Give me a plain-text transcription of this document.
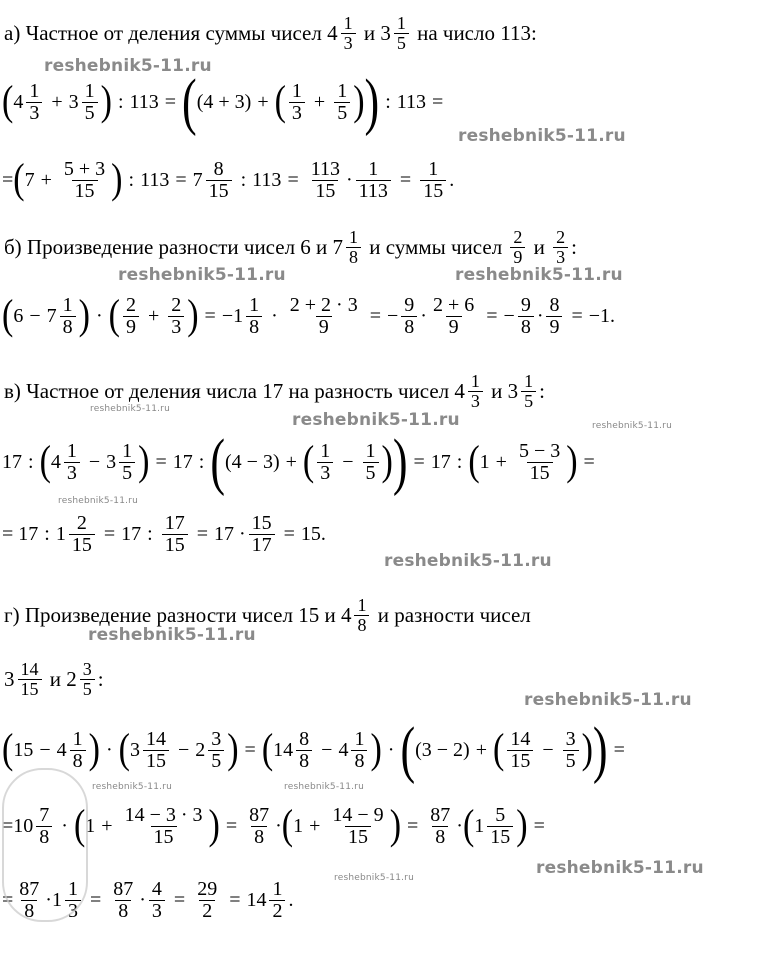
а) Частное от деления суммы чисел
$4 \frac{1}{3}$
и
$3 \frac{1}{5}$
на число 113:
( $4 \frac{1}{3} + 3 \frac{1}{5}$ ) : 113 = ( (4 + 3) + ( $\frac{1}{3} + \frac{1}{5}$ ) ) : 113 =
= ( $7 + \frac{5 + 3}{15}$ ) : $113 = 7 \frac{8}{15}$ : $113 = \frac{113}{15} \cdot \frac{1}{113} = \frac{1}{15}$ .
б) Произведение разности чисел 6 и
$7 \frac{1}{8}$
и суммы чисел
$\frac{2}{9}$
и
$\frac{2}{3}$ :
( $6 - 7 \frac{1}{8}$ ) · ( $\frac{2}{9} + \frac{2}{3}$ ) = − $1 \frac{1}{8} \cdot \frac{2 + 2 \cdot 3}{9}$ = − $\frac{9}{8} \cdot \frac{2 + 6}{9}$ = − $\frac{9}{8} \cdot \frac{8}{9} = -1$.
в) Частное от деления числа 17 на разность чисел
$4 \frac{1}{3}$
и
$3 \frac{1}{5}$ :
17 : ( $4 \frac{1}{3} - 3 \frac{1}{5}$ ) = 17 : ( (4 − 3) + ( $\frac{1}{3} - \frac{1}{5}$ ) ) = 17 : ( $1 + \frac{5 - 3}{15}$ ) =
= 17 : $1 \frac{2}{15} = 17$ : $\frac{17}{15} = 17 \cdot \frac{15}{17} = 15$.
г) Произведение разности чисел 15 и
$4 \frac{1}{8}$
и разности чисел
$3 \frac{14}{15}$
и
$2 \frac{3}{5}$ :
( $15 - 4 \frac{1}{8}$ ) · ( $3 \frac{14}{15} - 2 \frac{3}{5}$ ) = ( $14 \frac{8}{8} - 4 \frac{1}{8}$ ) · ( (3 − 2) + ( $\frac{14}{15} - \frac{3}{5}$ ) ) =
= $10 \frac{7}{8}$ · ( $1 + \frac{14 - 3 \cdot 3}{15}$ ) = $\frac{87}{8}$ · ( $1 + \frac{14 - 9}{15}$ ) = $\frac{87}{8}$ · ( $1 \frac{5}{15}$ ) =
= $\frac{87}{8} \cdot 1 \frac{1}{3} = \frac{87}{8} \cdot \frac{4}{3} = \frac{29}{2} = 14 \frac{1}{2}$ .
reshebnik5-11.ru
reshebnik5-11.ru
reshebnik5-11.ru	reshebnik5-11.ru
reshebnik5-11.ru
reshebnik5-11.ru	reshebnik5-11.ru
reshebnik5-11.ru
reshebnik5-11.ru
reshebnik5-11.ru
reshebnik5-11.ru
reshebnik5-11.ru	reshebnik5-11.ru
reshebnik5-11.ru
reshebnik5-11.ru
